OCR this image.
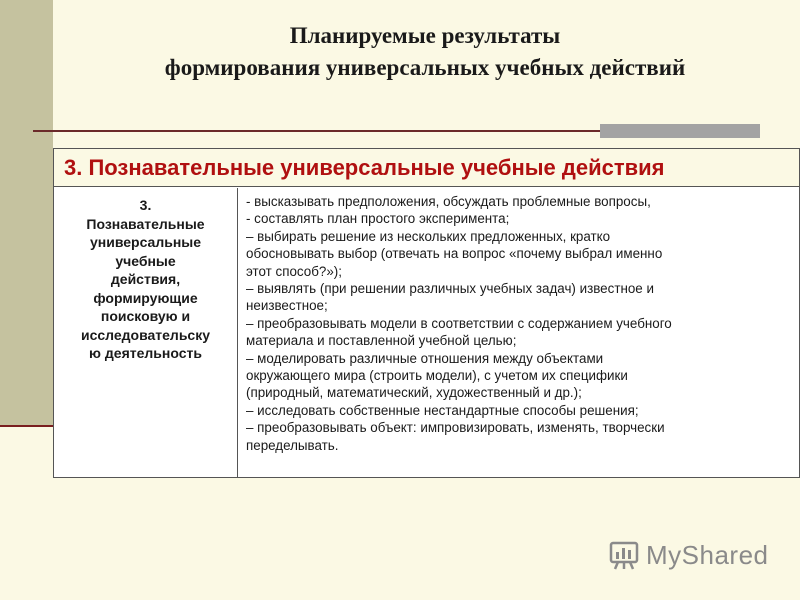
Планируемые результаты
формирования универсальных учебных действий
3. Познавательные универсальные учебные действия
3.
Познавательные
универсальные
учебные
действия,
формирующие
поисковую и
исследовательску
ю деятельность
- высказывать предположения, обсуждать проблемные вопросы,
- составлять план простого эксперимента;
– выбирать решение из нескольких предложенных, кратко
обосновывать выбор (отвечать на вопрос «почему выбрал именно
этот способ?»);
– выявлять (при решении различных учебных задач) известное и
неизвестное;
– преобразовывать модели в соответствии с содержанием учебного
материала и поставленной учебной целью;
– моделировать различные отношения между объектами
окружающего мира (строить модели), с учетом их специфики
(природный, математический, художественный и др.);
– исследовать собственные нестандартные способы решения;
– преобразовывать объект: импровизировать, изменять, творчески
переделывать.
MyShared
